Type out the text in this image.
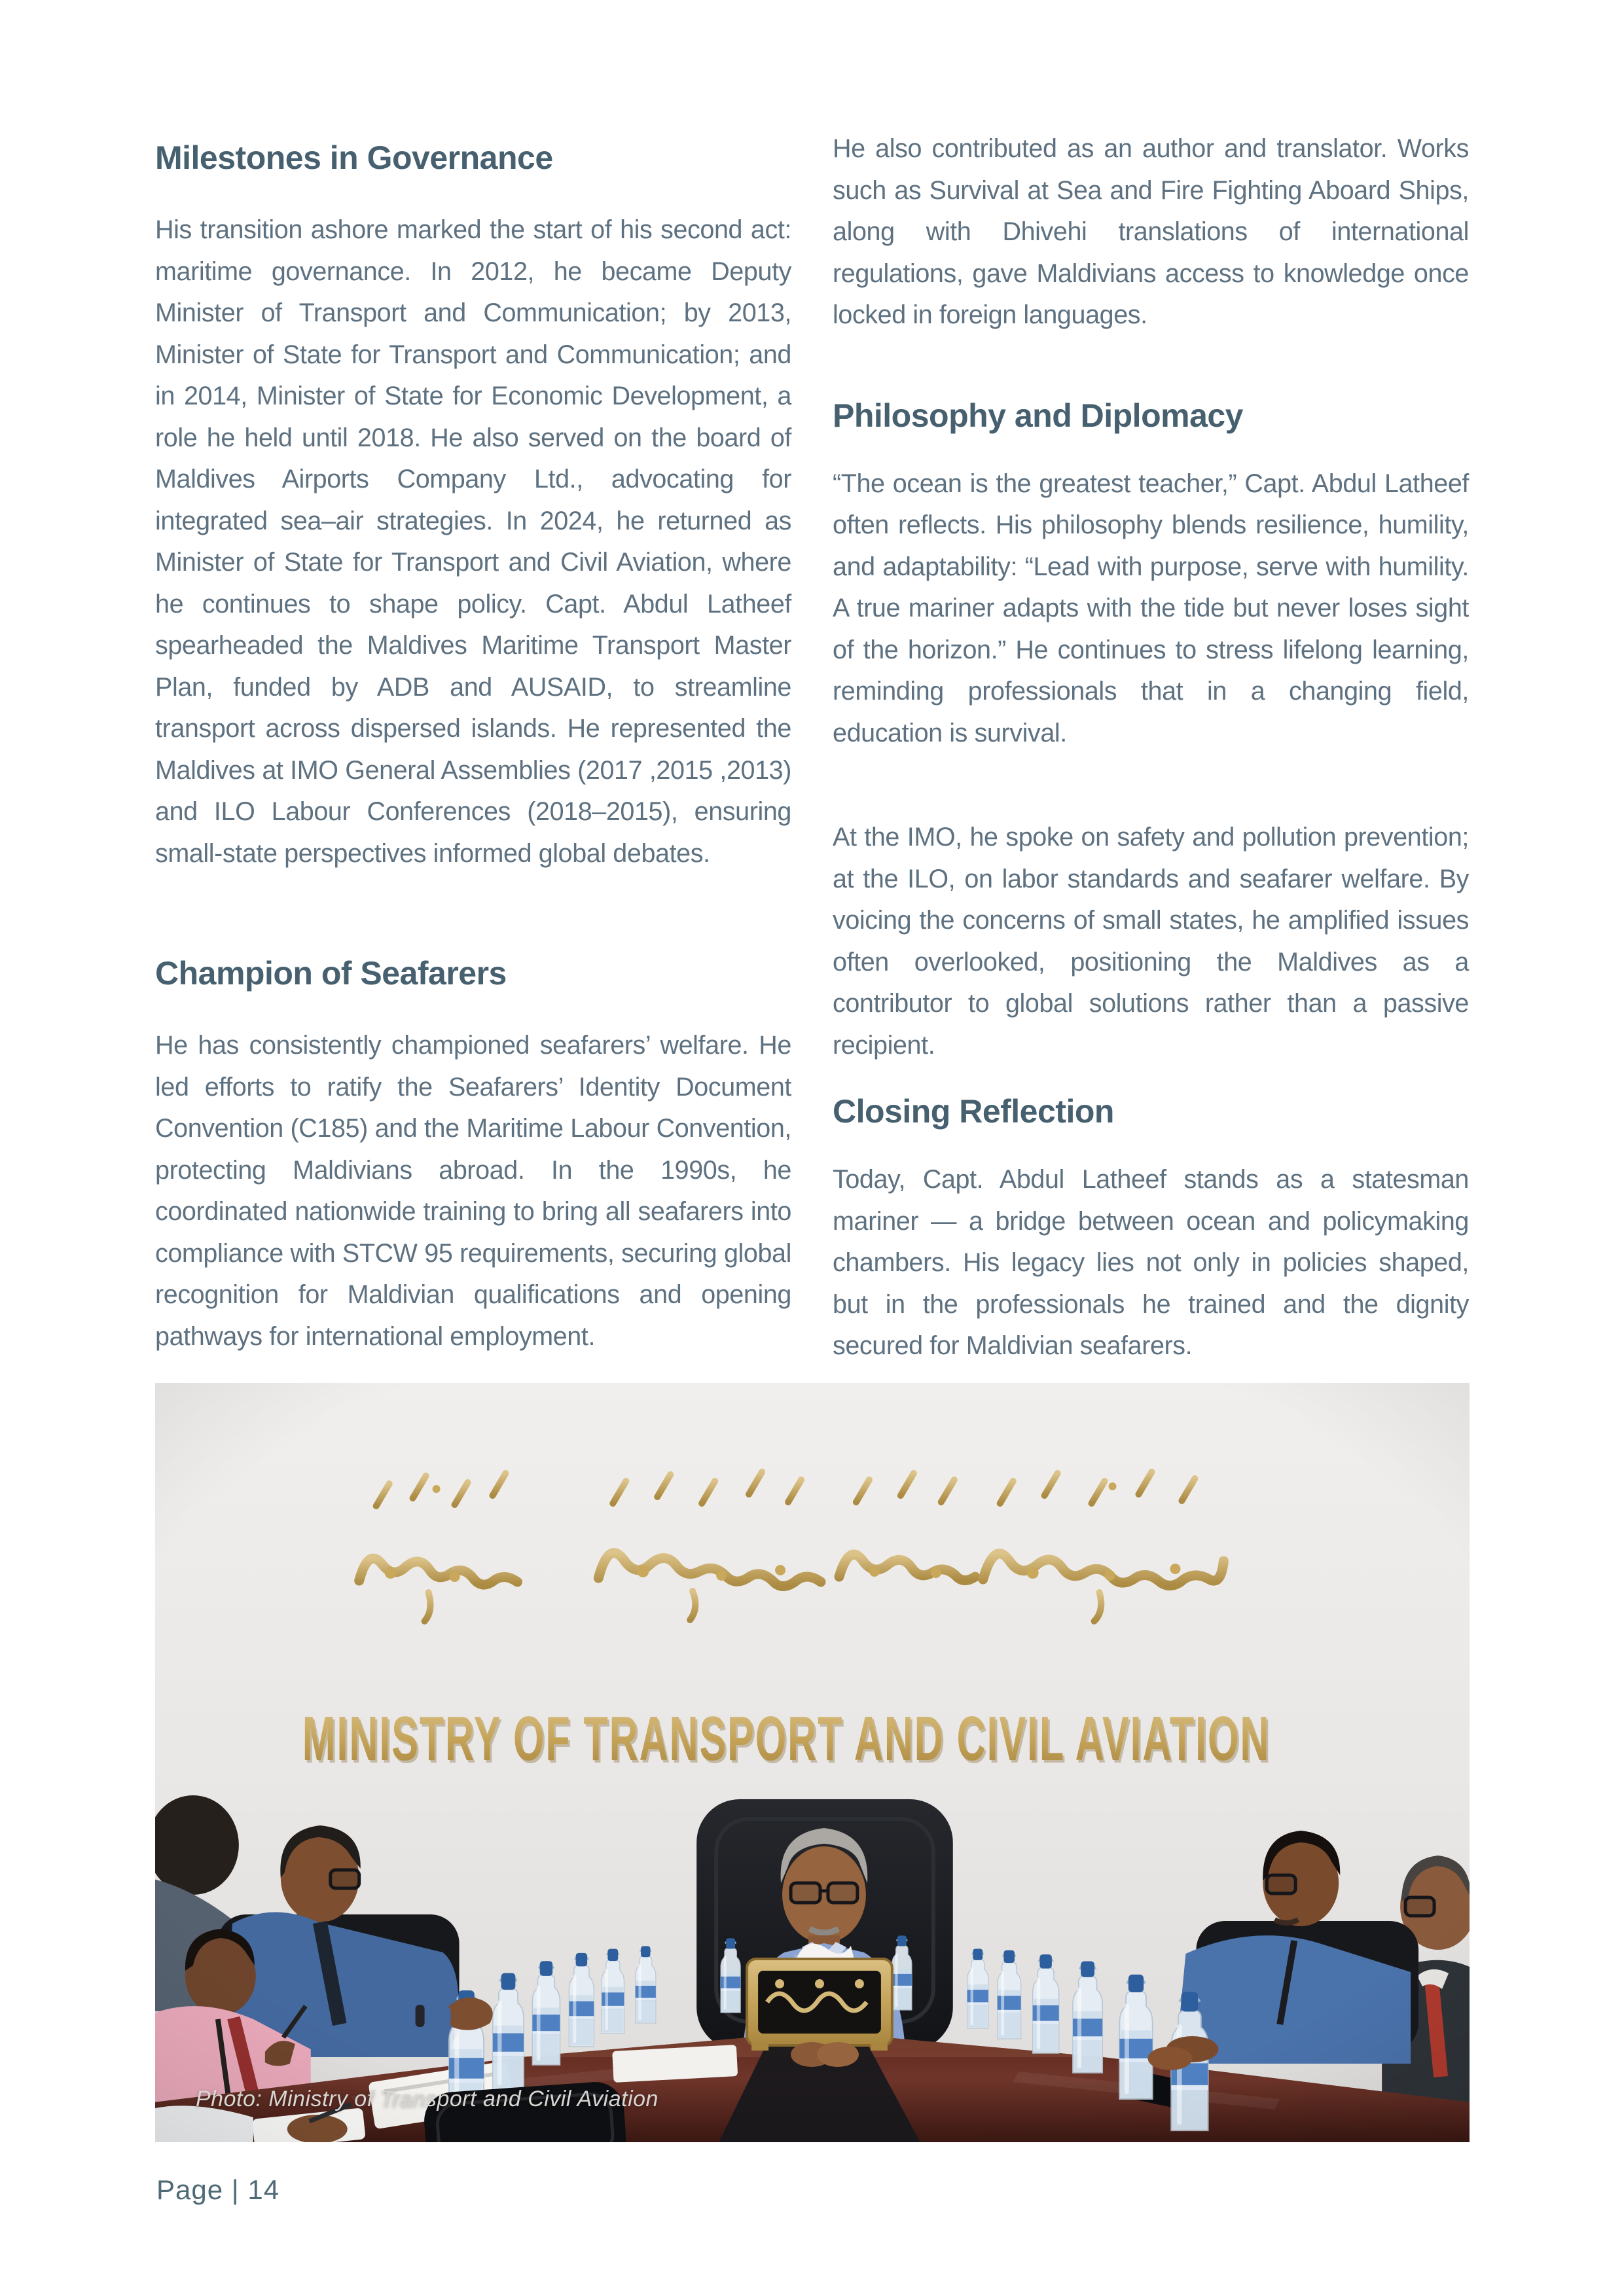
Milestones in Governance

His transition ashore marked the start of his second act: maritime governance. In 2012, he became Deputy Minister of Transport and Communication; by 2013, Minister of State for Transport and Communication; and in 2014, Minister of State for Economic Development, a role he held until 2018. He also served on the board of Maldives Airports Company Ltd., advocating for integrated sea–air strategies. In 2024, he returned as Minister of State for Transport and Civil Aviation, where he continues to shape policy. Capt. Abdul Latheef spearheaded the Maldives Maritime Transport Master Plan, funded by ADB and AUSAID, to streamline transport across dispersed islands. He represented the Maldives at IMO General Assemblies (2017 ,2015 ,2013) and ILO Labour Conferences (2018–2015), ensuring small-state perspectives informed global debates.

Champion of Seafarers

He has consistently championed seafarers’ welfare. He led efforts to ratify the Seafarers’ Identity Document Convention (C185) and the Maritime Labour Convention, protecting Maldivians abroad. In the 1990s, he coordinated nationwide training to bring all seafarers into compliance with STCW 95 requirements, securing global recognition for Maldivian qualifications and opening pathways for international employment.

He also contributed as an author and translator. Works such as Survival at Sea and Fire Fighting Aboard Ships, along with Dhivehi translations of international regulations, gave Maldivians access to knowledge once locked in foreign languages.

Philosophy and Diplomacy

“The ocean is the greatest teacher,” Capt. Abdul Latheef often reflects. His philosophy blends resilience, humility, and adaptability: “Lead with purpose, serve with humility. A true mariner adapts with the tide but never loses sight of the horizon.” He continues to stress lifelong learning, reminding professionals that in a changing field, education is survival.

At the IMO, he spoke on safety and pollution prevention; at the ILO, on labor standards and seafarer welfare. By voicing the concerns of small states, he amplified issues often overlooked, positioning the Maldives as a contributor to global solutions rather than a passive recipient.

Closing Reflection

Today, Capt. Abdul Latheef stands as a statesman mariner — a bridge between ocean and policymaking chambers. His legacy lies not only in policies shaped, but in the professionals he trained and the dignity secured for Maldivian seafarers.

Photo: Ministry of Transport and Civil Aviation
Page | 14
